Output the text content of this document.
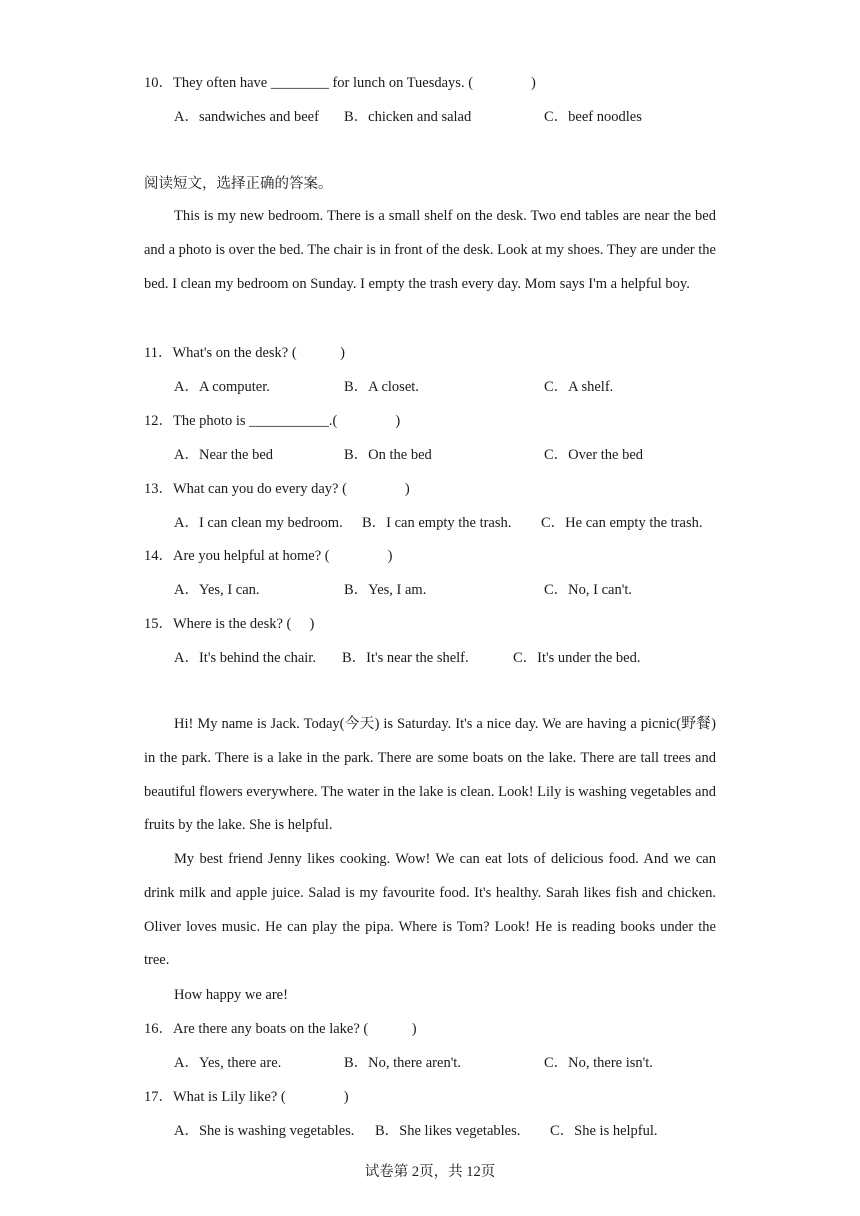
10．They often have ________ for lunch on Tuesdays. (　　　　)
A．sandwiches and beef B．chicken and salad	C．beef noodles
阅读短文，选择正确的答案。
This is my new bedroom. There is a small shelf on the desk. Two end tables are near the bed and a photo is over the bed. The chair is in front of the desk. Look at my shoes. They are under the bed. I clean my bedroom on Sunday. I empty the trash every day. Mom says I'm a helpful boy.
11．What's on the desk? (　　　)
A．A computer.	B．A closet.	C．A shelf.
12．The photo is ___________.(　　　　)
A．Near the bed	B．On the bed	C．Over the bed
13．What can you do every day? (　　　　)
A．I can clean my bedroom. B．I can empty the trash. C．He can empty the trash.
14．Are you helpful at home? (　　　　)
A．Yes, I can.	B．Yes, I am.	C．No, I can't.
15．Where is the desk? (　 )
A．It's behind the chair. B．It's near the shelf.	C．It's under the bed.
Hi! My name is Jack. Today(今天) is Saturday. It's a nice day. We are having a picnic(野餐) in the park. There is a lake in the park. There are some boats on the lake. There are tall trees and beautiful flowers everywhere. The water in the lake is clean. Look! Lily is washing vegetables and fruits by the lake. She is helpful.
My best friend Jenny likes cooking. Wow! We can eat lots of delicious food. And we can drink milk and apple juice. Salad is my favourite food. It's healthy. Sarah likes fish and chicken. Oliver loves music. He can play the pipa. Where is Tom? Look! He is reading books under the tree.
How happy we are!
16．Are there any boats on the lake? (　　　)
A．Yes, there are.	B．No, there aren't.	C．No, there isn't.
17．What is Lily like? (　　　　)
A．She is washing vegetables. B．She likes vegetables. C．She is helpful.
试卷第 2页，共 12页
